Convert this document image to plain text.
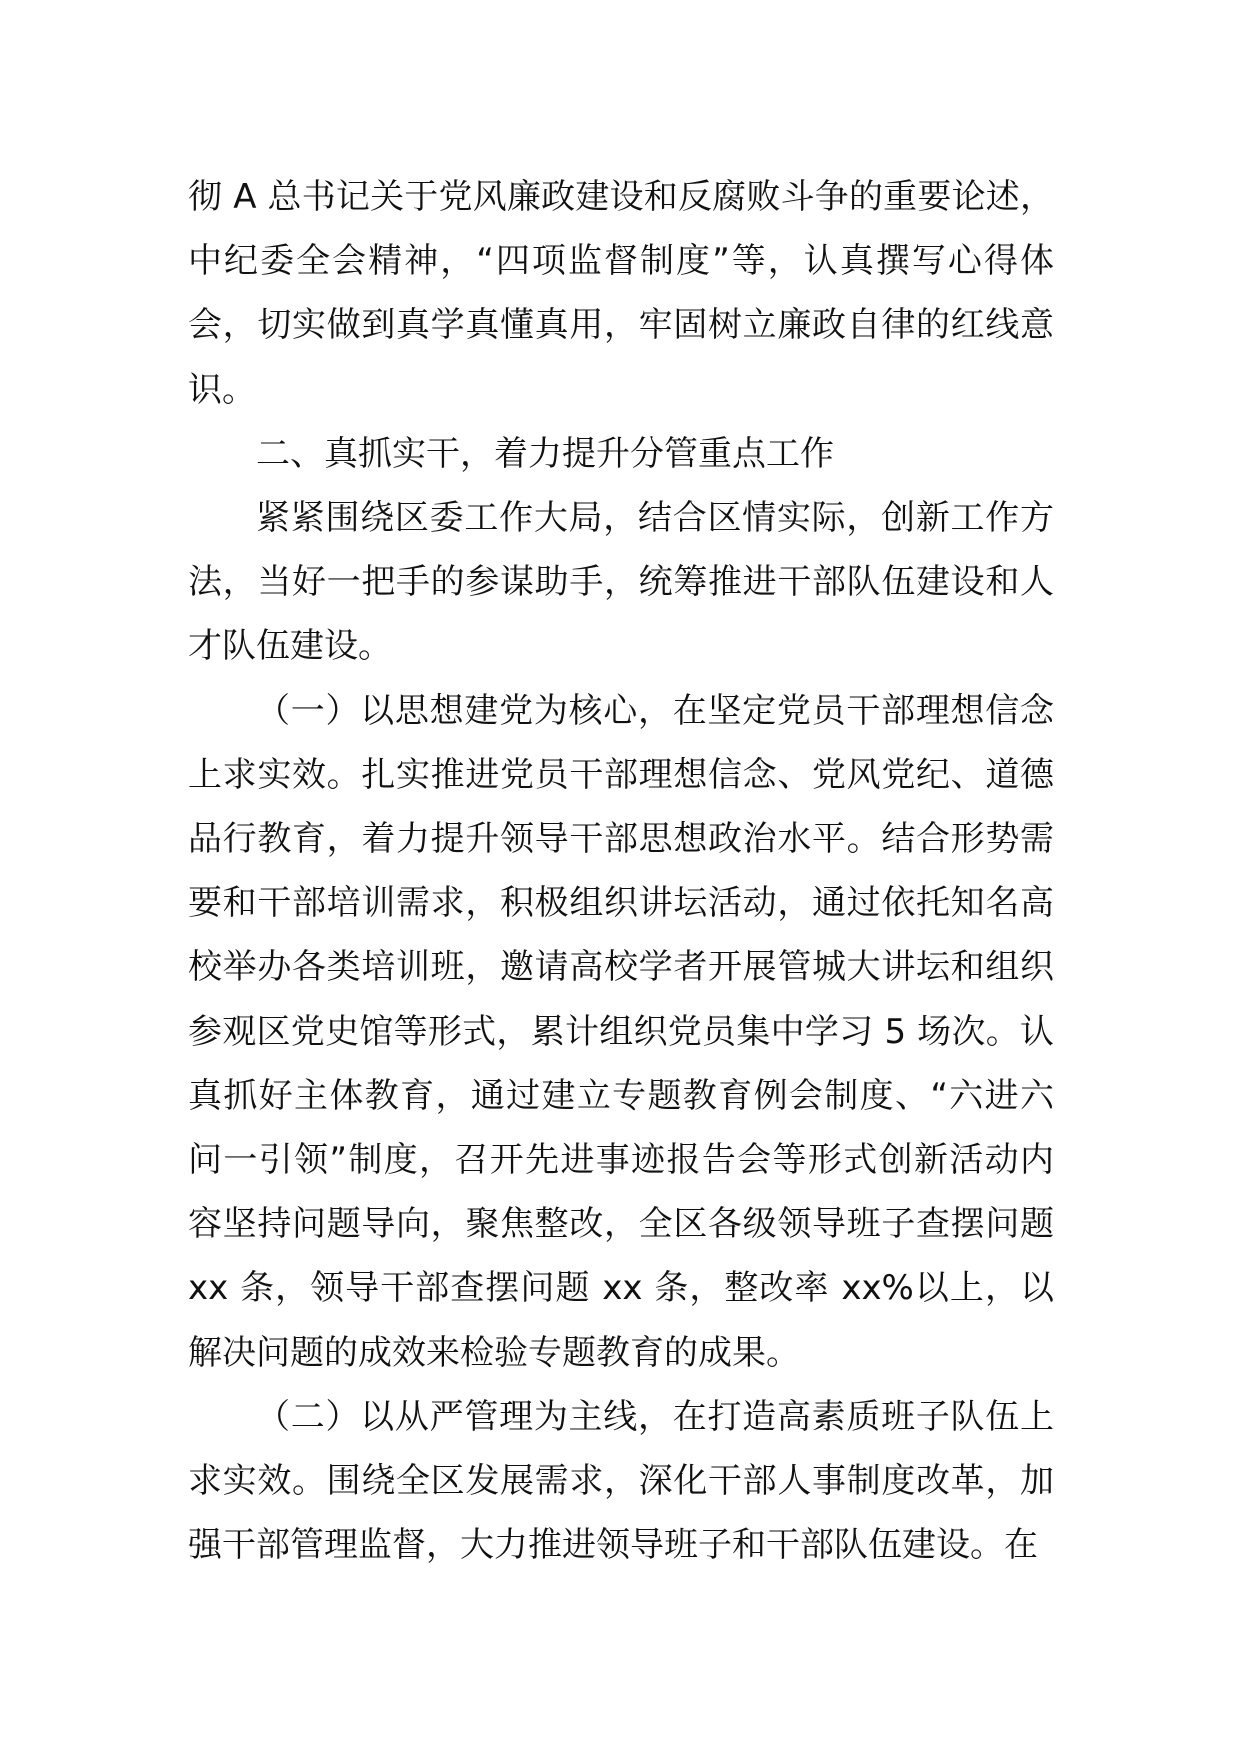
彻 A 总书记关于党风廉政建设和反腐败斗争的重要论述，中纪委全会精神，“四项监督制度”等，认真撰写心得体会，切实做到真学真懂真用，牢固树立廉政自律的红线意识。

二、真抓实干，着力提升分管重点工作

紧紧围绕区委工作大局，结合区情实际，创新工作方法，当好一把手的参谋助手，统筹推进干部队伍建设和人才队伍建设。

（一）以思想建党为核心，在坚定党员干部理想信念上求实效。扎实推进党员干部理想信念、党风党纪、道德品行教育，着力提升领导干部思想政治水平。结合形势需要和干部培训需求，积极组织讲坛活动，通过依托知名高校举办各类培训班，邀请高校学者开展管城大讲坛和组织参观区党史馆等形式，累计组织党员集中学习 5 场次。认真抓好主体教育，通过建立专题教育例会制度、“六进六问一引领”制度，召开先进事迹报告会等形式创新活动内容坚持问题导向，聚焦整改，全区各级领导班子查摆问题 xx 条，领导干部查摆问题 xx 条，整改率 xx%以上，以解决问题的成效来检验专题教育的成果。

（二）以从严管理为主线，在打造高素质班子队伍上求实效。围绕全区发展需求，深化干部人事制度改革，加强干部管理监督，大力推进领导班子和干部队伍建设。在
